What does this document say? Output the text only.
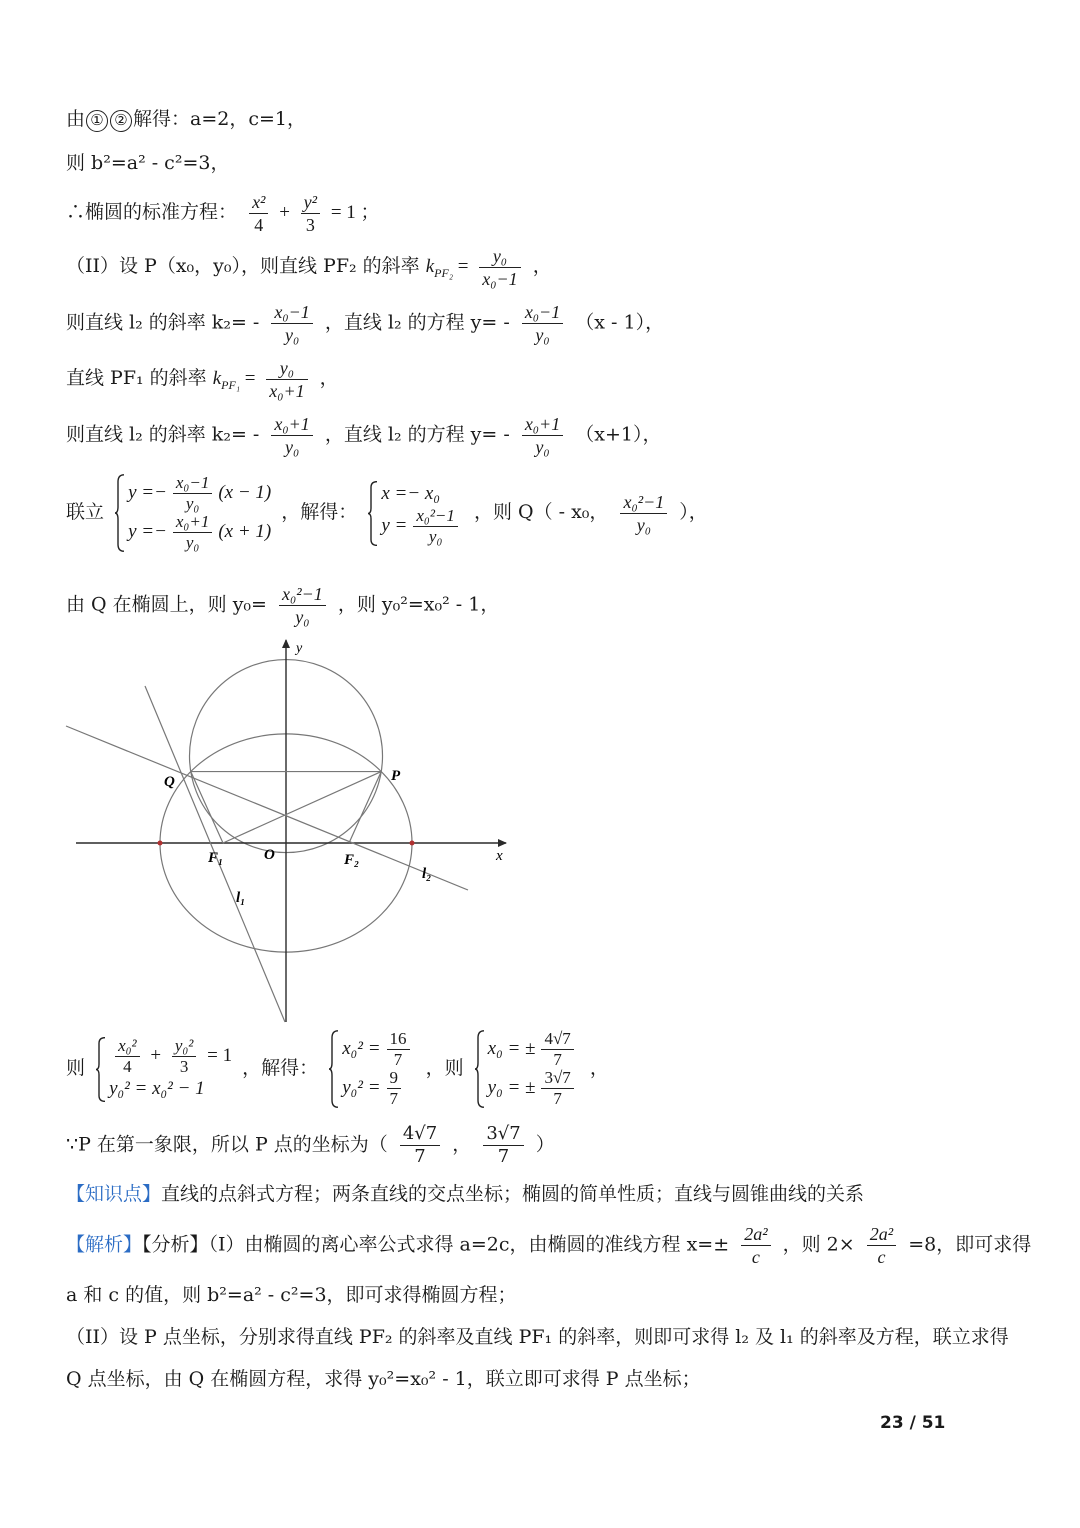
由 ① ② 解得：a=2，c=1，
则 b²=a² - c²=3，
∴椭圆的标准方程： $\frac{\text{x²}}{4} + \frac{\text{y²}}{3} = 1$ ；
（II）设 P（x₀，y₀），则直线 PF₂ 的斜率 $k_{PF_2} = \frac{\text{y₀}}{\text{x₀−1}}$ ，
则直线 l₂ 的斜率 $k_2= - \frac{\text{x₀−1}}{\text{y₀}}$ ，直线 l₂ 的方程 $y= - \frac{\text{x₀−1}}{\text{y₀}} (x - 1)$，
直线 PF₁ 的斜率 $k_{PF_1} = \frac{\text{y₀}}{\text{x₀+1}}$ ，
则直线 l₂ 的斜率 $k_2= - \frac{\text{x₀+1}}{\text{y₀}}$ ，直线 l₂ 的方程 $y= - \frac{\text{x₀+1}}{\text{y₀}} (x+1)$，
联立
$y =- \frac{\text{x₀−1}}{\text{y₀}} (x - 1)$
$y =- \frac{\text{x₀+1}}{\text{y₀}} (x + 1)$
，解得：
x =− x₀
$y = \frac{\text{x₀²−1}}{\text{y₀}}$ ，则 Q（ - x₀， $\frac{\text{x₀²−1}}{\text{y₀}}$ ），
由 Q 在椭圆上，则 $y_0= \frac{\text{x₀²−1}}{\text{y₀}}$ ，则 y₀²=x₀² - 1，
y
x
P
Q
O
F₁	F₂
l₁
l₂
则 $\frac{\text{x₀²}}{4} + \frac{\text{y₀²}}{3} = 1$
y₀² = x₀² − 1
，解得：
$x_0^2 = \frac{16}{7}$
$y_0^2 = \frac{9}{7}$
，则
x₀ = ± $\frac{4√7}{7}$
y₀ = ± $\frac{3√7}{7}$
，
∵P 在第一象限，所以 P 点的坐标为（ $\frac{4√7}{7}$ ， $\frac{3√7}{7}$ ）
【知识点】直线的点斜式方程；两条直线的交点坐标；椭圆的简单性质；直线与圆锥曲线的关系
【解析】【分析】（I）由椭圆的离心率公式求得 a=2c，由椭圆的准线方程 $x=\pm \frac{\text{2a²}}{c}$ ，则 $2\times \frac{\text{2a²}}{c} =8$，即可求得
a 和 c 的值，则 b²=a² - c²=3，即可求得椭圆方程；
（II）设 P 点坐标，分别求得直线 PF₂ 的斜率及直线 PF₁ 的斜率，则即可求得 l₂ 及 l₁ 的斜率及方程，联立求得
Q 点坐标，由 Q 在椭圆方程，求得 y₀²=x₀² - 1，联立即可求得 P 点坐标；
23 / 51
